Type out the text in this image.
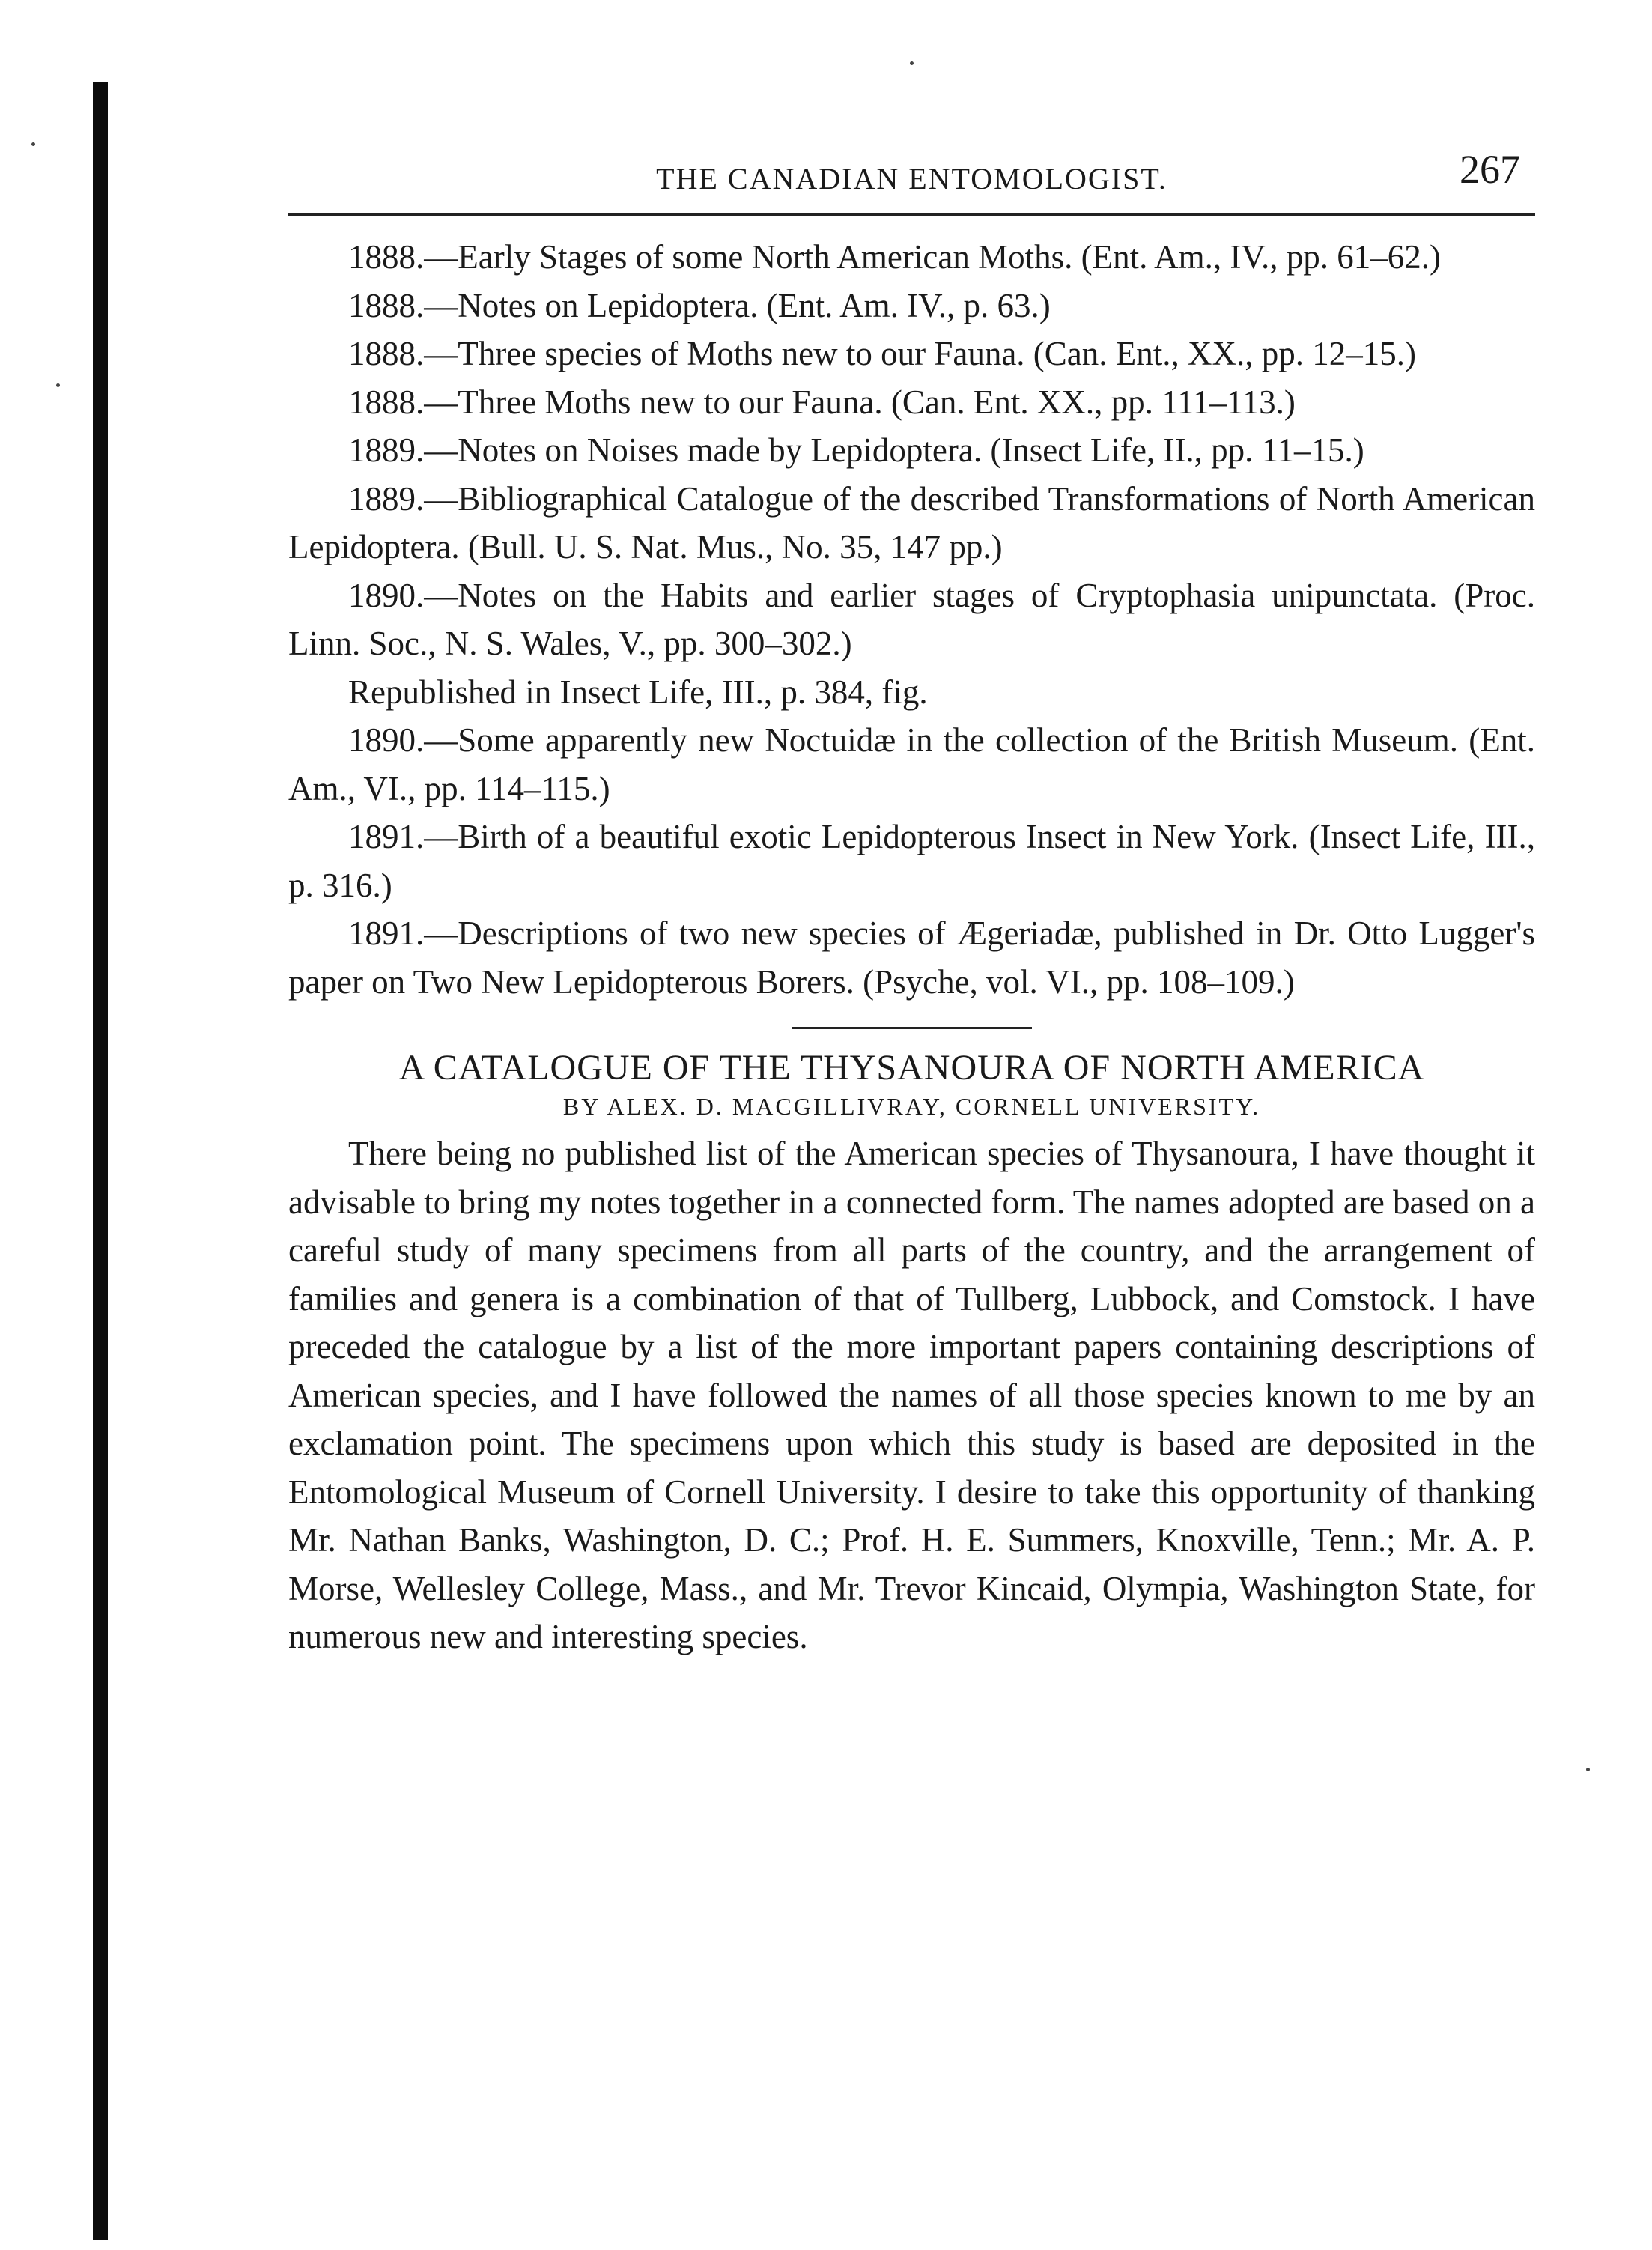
THE CANADIAN ENTOMOLOGIST.	267

1888.—Early Stages of some North American Moths. (Ent. Am., IV., pp. 61–62.)

1888.—Notes on Lepidoptera. (Ent. Am. IV., p. 63.)

1888.—Three species of Moths new to our Fauna. (Can. Ent., XX., pp. 12–15.)

1888.—Three Moths new to our Fauna. (Can. Ent. XX., pp. 111–113.)

1889.—Notes on Noises made by Lepidoptera. (Insect Life, II., pp. 11–15.)

1889.—Bibliographical Catalogue of the described Transformations of North American Lepidoptera. (Bull. U. S. Nat. Mus., No. 35, 147 pp.)

1890.—Notes on the Habits and earlier stages of Cryptophasia unipunctata. (Proc. Linn. Soc., N. S. Wales, V., pp. 300–302.)

Republished in Insect Life, III., p. 384, fig.

1890.—Some apparently new Noctuidæ in the collection of the British Museum. (Ent. Am., VI., pp. 114–115.)

1891.—Birth of a beautiful exotic Lepidopterous Insect in New York. (Insect Life, III., p. 316.)

1891.—Descriptions of two new species of Ægeriadæ, published in Dr. Otto Lugger's paper on Two New Lepidopterous Borers. (Psyche, vol. VI., pp. 108–109.)

A CATALOGUE OF THE THYSANOURA OF NORTH AMERICA
BY ALEX. D. MACGILLIVRAY, CORNELL UNIVERSITY.

There being no published list of the American species of Thysanoura, I have thought it advisable to bring my notes together in a connected form. The names adopted are based on a careful study of many specimens from all parts of the country, and the arrangement of families and genera is a combination of that of Tullberg, Lubbock, and Comstock. I have preceded the catalogue by a list of the more important papers containing descriptions of American species, and I have followed the names of all those species known to me by an exclamation point. The specimens upon which this study is based are deposited in the Entomological Museum of Cornell University. I desire to take this opportunity of thanking Mr. Nathan Banks, Washington, D. C.; Prof. H. E. Summers, Knoxville, Tenn.; Mr. A. P. Morse, Wellesley College, Mass., and Mr. Trevor Kincaid, Olympia, Washington State, for numerous new and interesting species.
